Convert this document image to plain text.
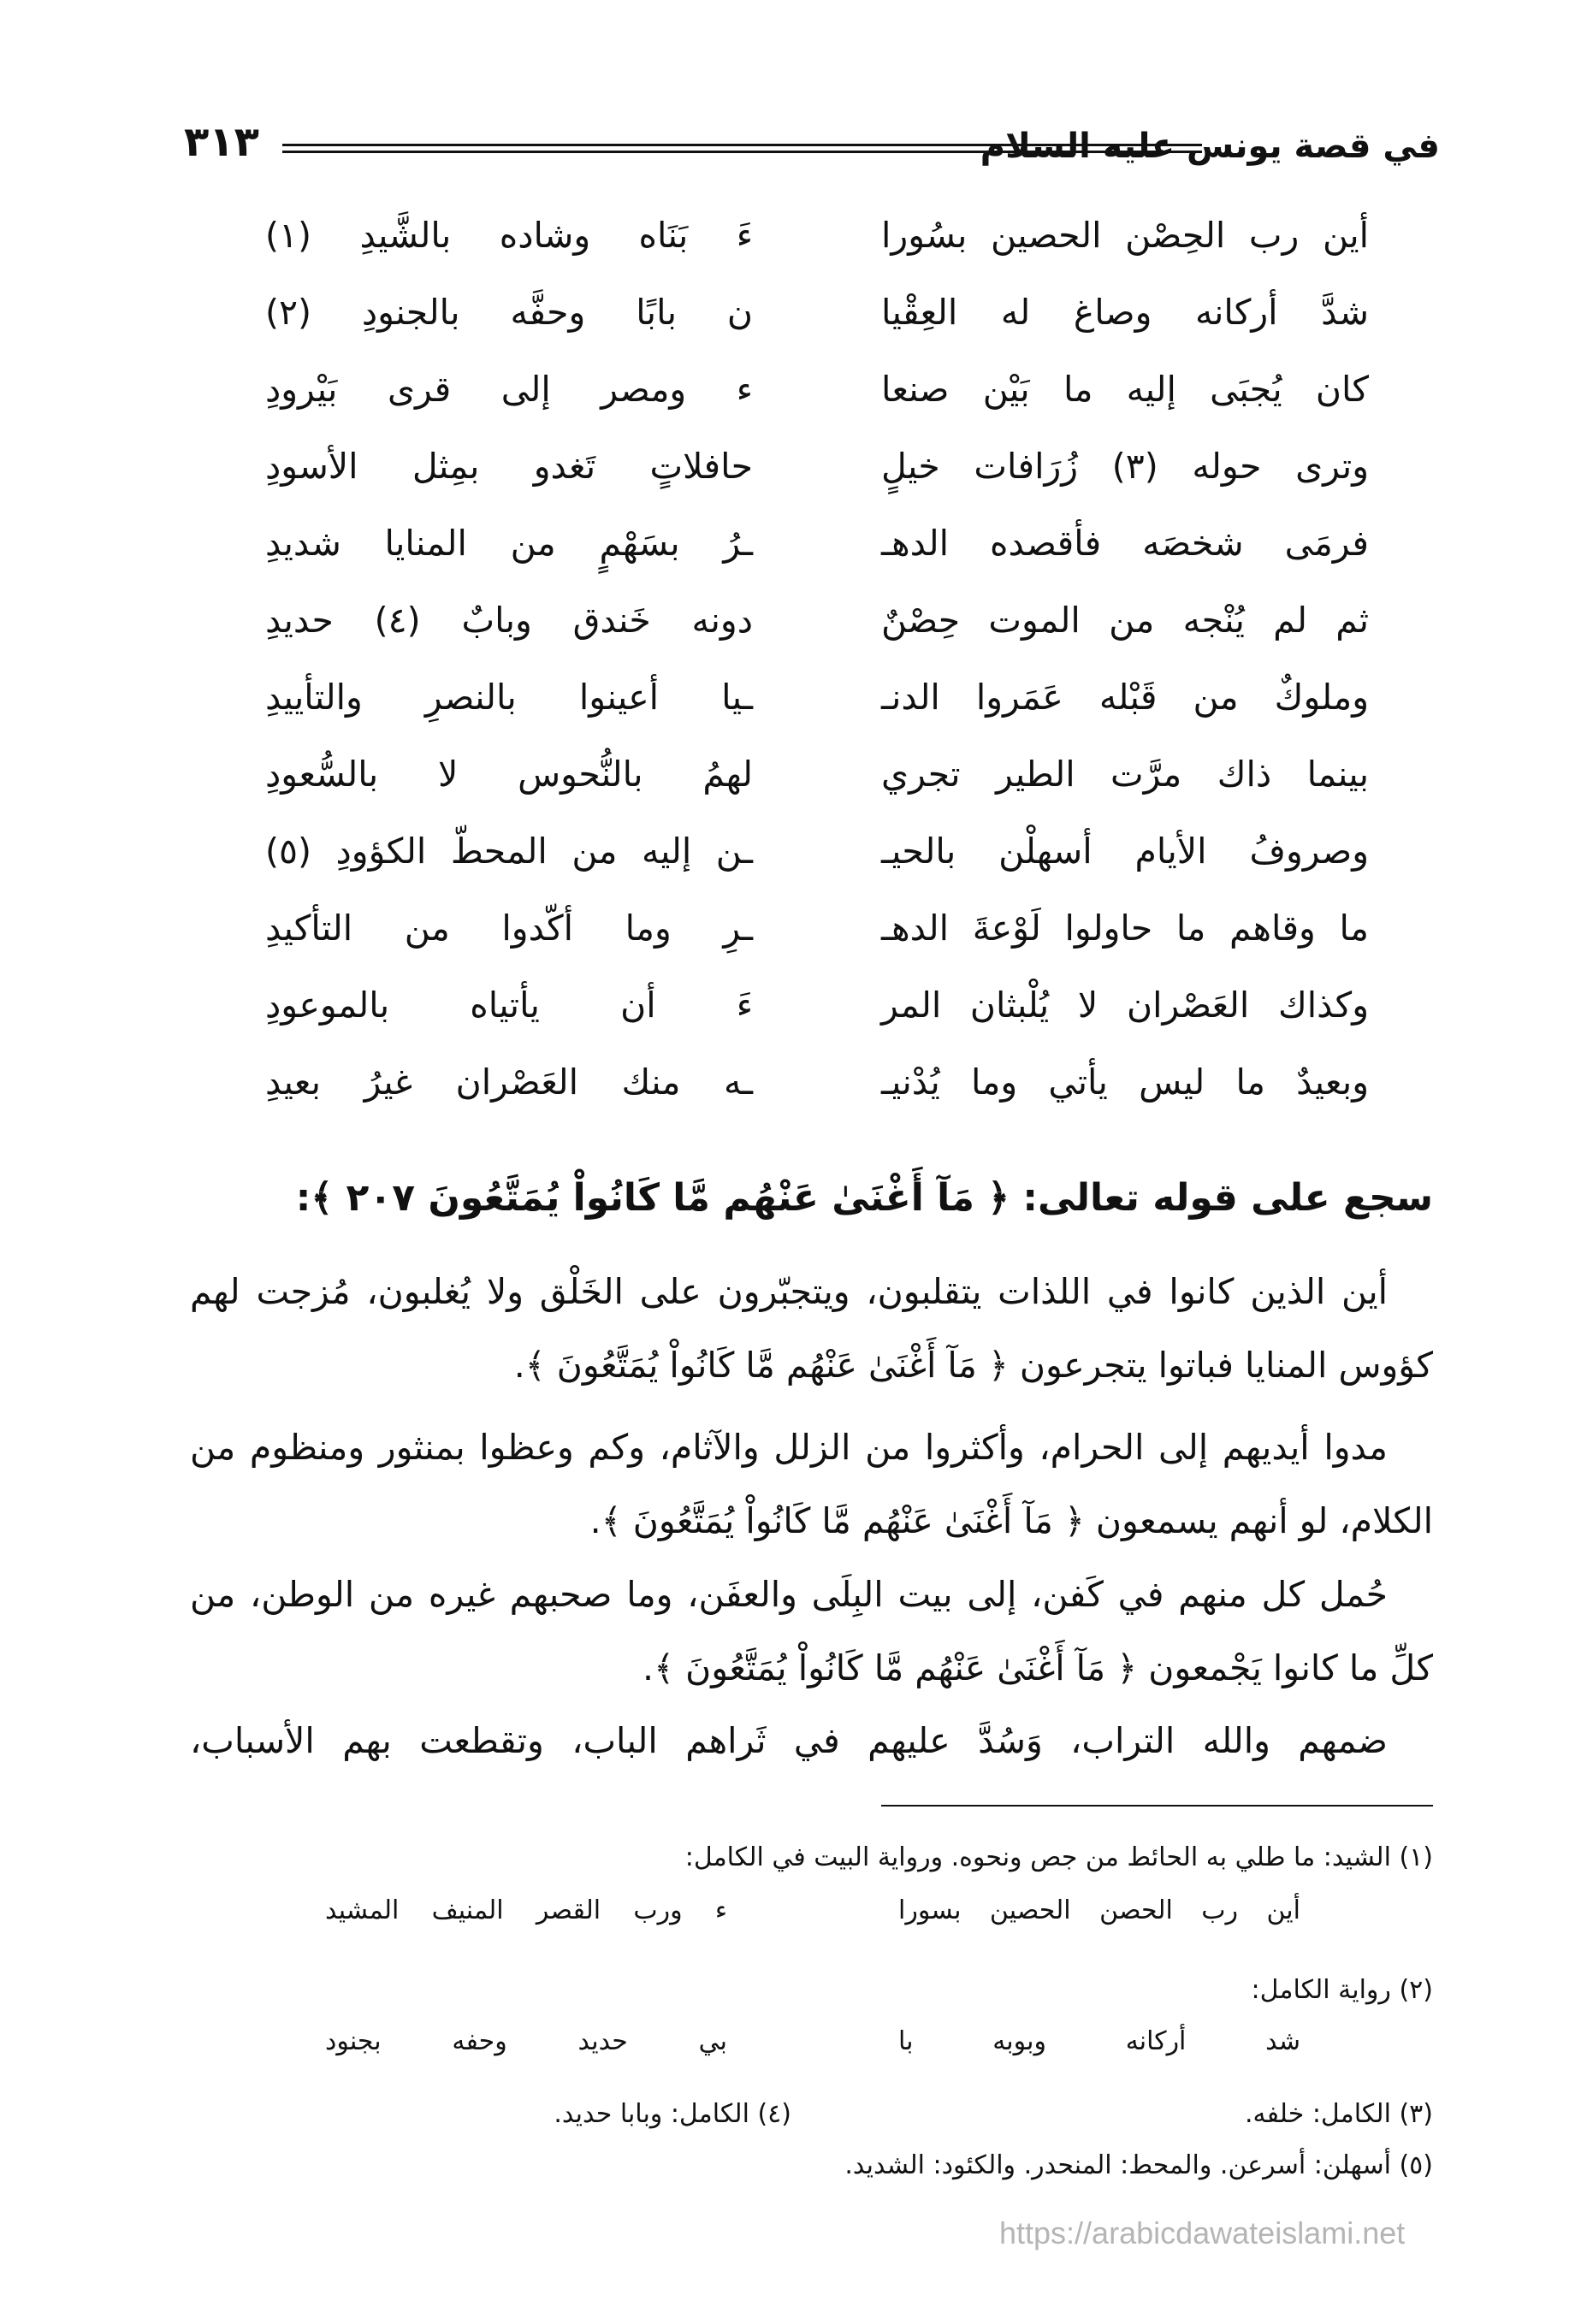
في قصة يونس عليه السلام
٣١٣
أين رب الحِصْن الحصين بسُورا
ءَ بَنَاه وشاده بالشَّيدِ (١)
شدَّ أركانه وصاغ له العِقْيا
ن بابًا وحفَّه بالجنودِ (٢)
كان يُجبَى إليه ما بَيْن صنعا
ء ومصر إلى قرى بَيْرودِ
وترى حوله (٣) زُرَافات خيلٍ
حافلاتٍ تَغدو بمِثل الأسودِ
فرمَى شخصَه فأقصده الدهـ
ـرُ بسَهْمٍ من المنايا شديدِ
ثم لم يُنْجه من الموت حِصْنٌ
دونه خَندق وبابٌ (٤) حديدِ
وملوكٌ من قَبْله عَمَروا الدنـ
ـيا أعينوا بالنصرِ والتأييدِ
بينما ذاك مرَّت الطير تجري
لهمُ بالنُّحوس لا بالسُّعودِ
وصروفُ الأيام أسهلْن بالحيـ
ـن إليه من المحطّ الكؤودِ (٥)
ما وقاهم ما حاولوا لَوْعةَ الدهـ
ـرِ وما أكّدوا من التأكيدِ
وكذاك العَصْران لا يُلْبثان المر
ءَ أن يأتياه بالموعودِ
وبعيدٌ ما ليس يأتي وما يُدْنيـ
ـه منك العَصْران غيرُ بعيدِ
سجع على قوله تعالى: ﴿ مَآ أَغْنَىٰ عَنْهُم مَّا كَانُواْ يُمَتَّعُونَ ٢٠٧ ﴾:
أين الذين كانوا في اللذات يتقلبون، ويتجبّرون على الخَلْق ولا يُغلبون، مُزجت لهم
كؤوس المنايا فباتوا يتجرعون ﴿ مَآ أَغْنَىٰ عَنْهُم مَّا كَانُواْ يُمَتَّعُونَ ﴾.
مدوا أيديهم إلى الحرام، وأكثروا من الزلل والآثام، وكم وعظوا بمنثور ومنظوم من
الكلام، لو أنهم يسمعون ﴿ مَآ أَغْنَىٰ عَنْهُم مَّا كَانُواْ يُمَتَّعُونَ ﴾.
حُمل كل منهم في كَفن، إلى بيت البِلَى والعفَن، وما صحبهم غيره من الوطن، من
كلِّ ما كانوا يَجْمعون ﴿ مَآ أَغْنَىٰ عَنْهُم مَّا كَانُواْ يُمَتَّعُونَ ﴾.
ضمهم والله التراب، وَسُدَّ عليهم في ثَراهم الباب، وتقطعت بهم الأسباب،
(١) الشيد: ما طلي به الحائط من جص ونحوه. ورواية البيت في الكامل:
أين رب الحصن الحصين بسورا
ء ورب القصر المنيف المشيد
(٢) رواية الكامل:
شد أركانه وبوبه با
بي حديد وحفه بجنود
(٣) الكامل: خلفه.
(٤) الكامل: وبابا حديد.
(٥) أسهلن: أسرعن. والمحط: المنحدر. والكئود: الشديد.
https://arabicdawateislami.net
